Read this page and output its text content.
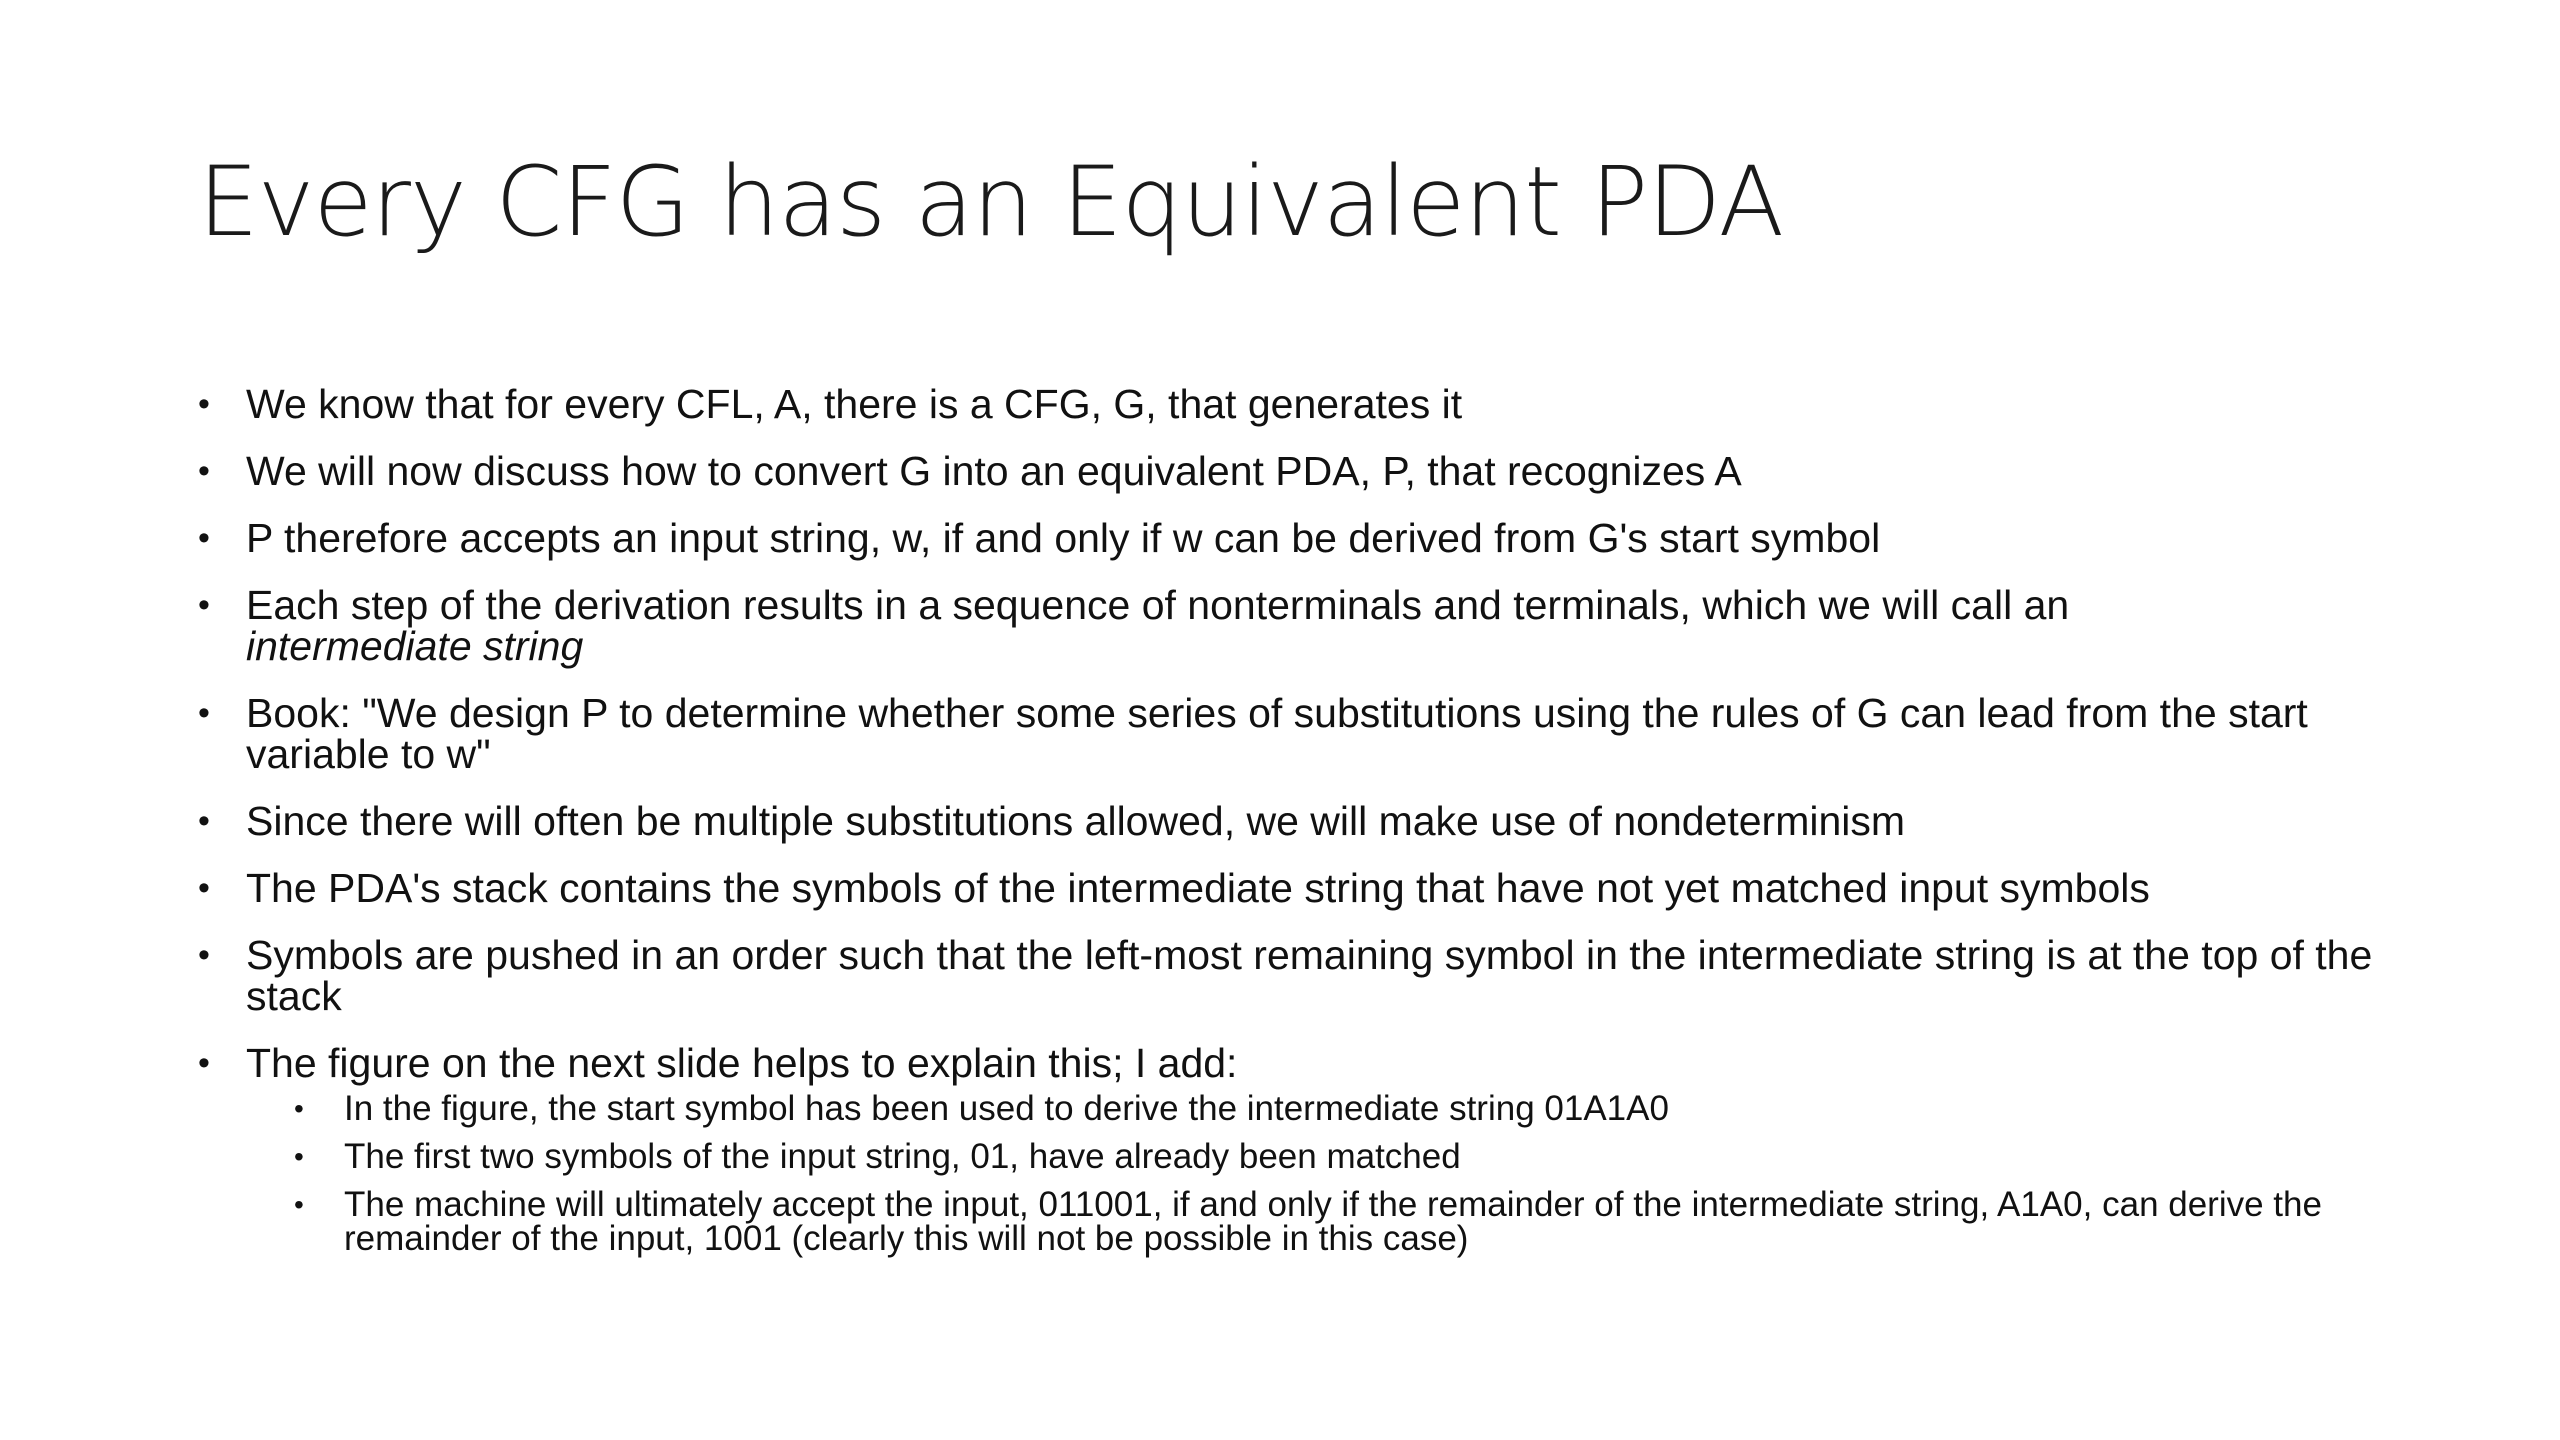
Every CFG has an Equivalent PDA
• We know that for every CFL, A, there is a CFG, G, that generates it
• We will now discuss how to convert G into an equivalent PDA, P, that recognizes A
• P therefore accepts an input string, w, if and only if w can be derived from G's start symbol
• Each step of the derivation results in a sequence of nonterminals and terminals, which we will call an
intermediate string
• Book: "We design P to determine whether some series of substitutions using the rules of G can lead from the start variable to w"
• Since there will often be multiple substitutions allowed, we will make use of nondeterminism
• The PDA's stack contains the symbols of the intermediate string that have not yet matched input symbols
• Symbols are pushed in an order such that the left-most remaining symbol in the intermediate string is at the top of the stack
• The figure on the next slide helps to explain this; I add:
• In the figure, the start symbol has been used to derive the intermediate string 01A1A0
• The first two symbols of the input string, 01, have already been matched
• The machine will ultimately accept the input, 011001, if and only if the remainder of the intermediate string, A1A0, can derive the remainder of the input, 1001 (clearly this will not be possible in this case)
